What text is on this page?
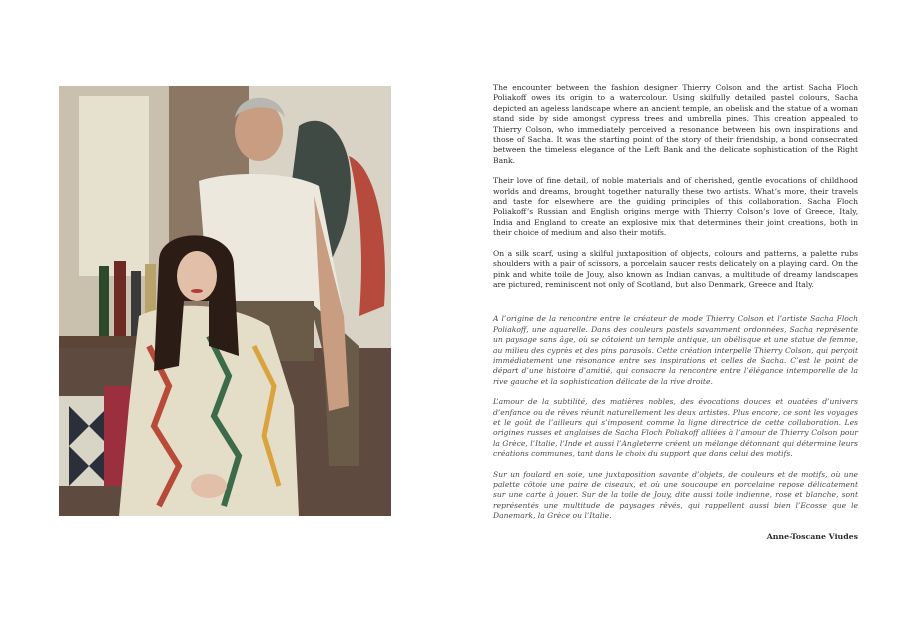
The encounter between the fashion designer Thierry Colson and the artist Sacha Floch Poliakoff owes its origin to a watercolour. Using skilfully detailed pastel colours, Sacha depicted an ageless landscape where an ancient temple, an obelisk and the statue of a woman stand side by side amongst cypress trees and umbrella pines. This creation appealed to Thierry Colson, who immediately perceived a resonance between his own inspirations and those of Sacha. It was the starting point of the story of their friendship, a bond consecrated between the timeless elegance of the Left Bank and the delicate sophistication of the Right Bank.

Their love of fine detail, of noble materials and of cherished, gentle evocations of childhood worlds and dreams, brought together naturally these two artists. What’s more, their travels and taste for elsewhere are the guiding principles of this collaboration. Sacha Floch Poliakoff’s Russian and English origins merge with Thierry Colson’s love of Greece, Italy, India and England to create an explosive mix that determines their joint creations, both in their choice of medium and also their motifs.

On a silk scarf, using a skilful juxtaposition of objects, colours and patterns, a palette rubs shoulders with a pair of scissors, a porcelain saucer rests delicately on a playing card. On the pink and white toile de Jouy, also known as Indian canvas, a multitude of dreamy landscapes are pictured, reminiscent not only of Scotland, but also Denmark, Greece and Italy.

A l’origine de la rencontre entre le créateur de mode Thierry Colson et l’artiste Sacha Floch Poliakoff, une aquarelle. Dans des couleurs pastels savamment ordonnées, Sacha représente un paysage sans âge, où se côtoient un temple antique, un obélisque et une statue de femme, au milieu des cyprès et des pins parasols. Cette création interpelle Thierry Colson, qui perçoit immédiatement une résonance entre ses inspirations et celles de Sacha. C’est le point de départ d’une histoire d’amitié, qui consacre la rencontre entre l’élégance intemporelle de la rive gauche et la sophistication délicate de la rive droite.

L’amour de la subtilité, des matières nobles, des évocations douces et ouatées d’univers d’enfance ou de rêves réunit naturellement les deux artistes. Plus encore, ce sont les voyages et le goût de l’ailleurs qui s’imposent comme la ligne directrice de cette collaboration. Les origines russes et anglaises de Sacha Floch Poliakoff alliées à l’amour de Thierry Colson pour la Grèce, l’Italie, l’Inde et aussi l’Angleterre créent un mélange détonnant qui détermine leurs créations communes, tant dans le choix du support que dans celui des motifs.

Sur un foulard en soie, une juxtaposition savante d’objets, de couleurs et de motifs, où une palette côtoie une paire de ciseaux, et où une soucoupe en porcelaine repose délicatement sur une carte à jouer. Sur de la toile de Jouy, dite aussi toile indienne, rose et blanche, sont représentés une multitude de paysages rêvés, qui rappellent aussi bien l’Ecosse que le Danemark, la Grèce ou l’Italie.

Anne-Toscane Viudes
